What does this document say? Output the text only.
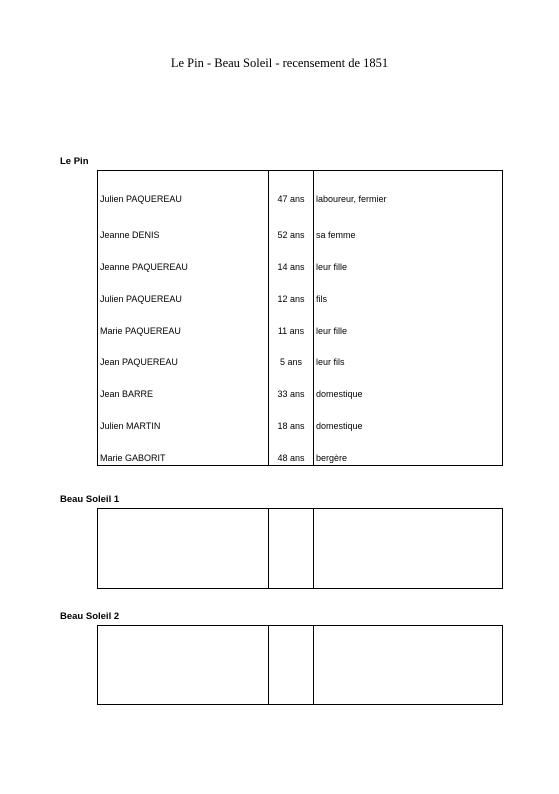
Le Pin - Beau Soleil - recensement de 1851
Le Pin
Julien PAQUEREAU	47 ans	laboureur, fermier
Jeanne DENIS	52 ans	sa femme
Jeanne PAQUEREAU	14 ans	leur fille
Julien PAQUEREAU	12 ans	fils
Marie PAQUEREAU	11 ans	leur fille
Jean PAQUEREAU	5 ans	leur fils
Jean BARRE	33 ans	domestique
Julien MARTIN	18 ans	domestique
Marie GABORIT	48 ans	bergère
Beau Soleil 1
Beau Soleil 2
